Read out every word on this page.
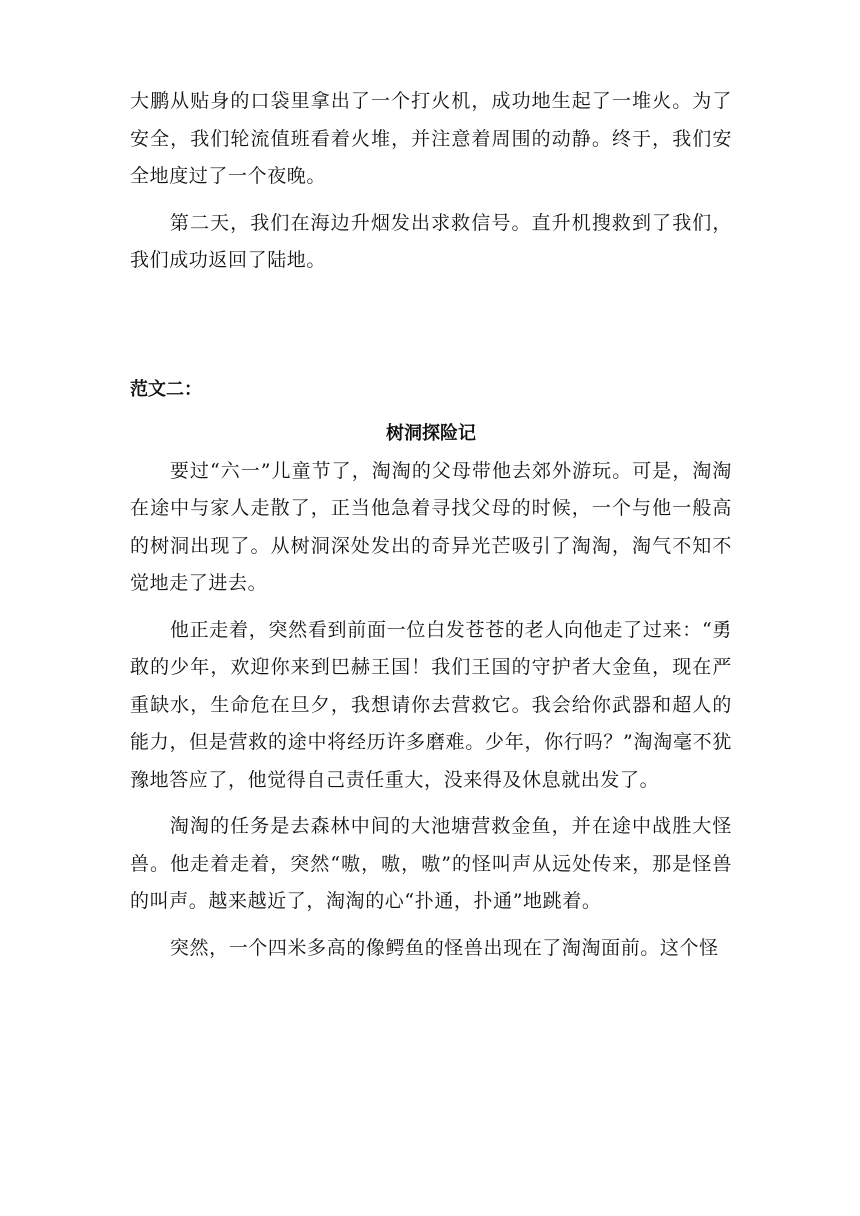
大鹏从贴身的口袋里拿出了一个打火机，成功地生起了一堆火。为了安全，我们轮流值班看着火堆，并注意着周围的动静。终于，我们安全地度过了一个夜晚。

第二天，我们在海边升烟发出求救信号。直升机搜救到了我们，我们成功返回了陆地。

范文二：

树洞探险记

要过“六一”儿童节了，淘淘的父母带他去郊外游玩。可是，淘淘在途中与家人走散了，正当他急着寻找父母的时候，一个与他一般高的树洞出现了。从树洞深处发出的奇异光芒吸引了淘淘，淘气不知不觉地走了进去。

他正走着，突然看到前面一位白发苍苍的老人向他走了过来：“勇敢的少年，欢迎你来到巴赫王国！我们王国的守护者大金鱼，现在严重缺水，生命危在旦夕，我想请你去营救它。我会给你武器和超人的能力，但是营救的途中将经历许多磨难。少年，你行吗？”淘淘毫不犹豫地答应了，他觉得自己责任重大，没来得及休息就出发了。

淘淘的任务是去森林中间的大池塘营救金鱼，并在途中战胜大怪兽。他走着走着，突然“嗷，嗷，嗷”的怪叫声从远处传来，那是怪兽的叫声。越来越近了，淘淘的心“扑通，扑通”地跳着。

突然，一个四米多高的像鳄鱼的怪兽出现在了淘淘面前。这个怪
